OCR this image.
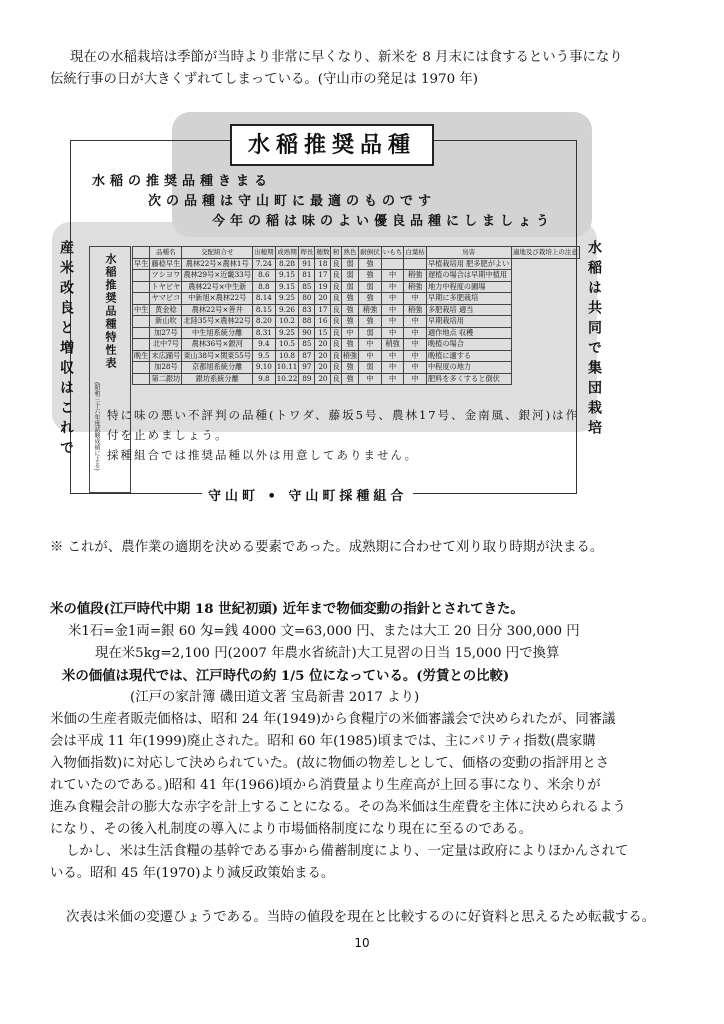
現在の水稲栽培は季節が当時より非常に早くなり、新米を 8 月末には食するという事になり

伝統行事の日が大きくずれてしまっている。(守山市の発足は 1970 年)

水稲推奨品種
水稲の推奨品種きまる
次の品種は守山町に最適のものです
今年の稲は味のよい優良品種にしましょう
産米改良と増収はこれで	水稲は共同で集団栽培
水稲推奨品種特性表
(昭和三十六年度試験成績による)
	品種名	交配組合せ	出穂期	成熟期	稈長	穂数	籾	熟色	耐倒伏	いもち	白葉枯	鳥害	適地及び栽培上の注意
早生	藤稔早生	農林22号×農林1号	7.24	8.28	91	18	良	弱	強			早植栽培用 肥多肥がよい	
	ツシヨワ	農林29号×近畿33号	8.6	9.15	81	17	良	弱	強	中	稍強	遅植の場合は早期中植用	
	トヤビヤ	農林22号×中生新	8.8	9.15	85	19	良	弱	弱	中	稍強	地力中程度の圃場	
	ヤマビコ	中新旭×農林22号	8.14	9.25	80	20	良	強	強	中	中	早期に多肥栽培	
中生	黄金稔	農林22号×善井	8.15	9.26	83	17	良	強	稍強	中	稍強	多肥栽培 適当	
	新山吹	北陸35号×農林22号	8.20	10.2	88	16	良	強	強	中	中	早期栽培用	
	加27号	中生旭系統分離	8.31	9.25	90	15	良	中	弱	中	中	適作地点 収穫	
	北中7号	農林36号×銀河	9.4	10.5	85	20	良	強	中	稍強	中	晩植の場合	
晩生	末広踊号	東山38号×関東55号	9.5	10.8	87	20	良	稍強	中	中	中	晩植に適する	
	加28号	京都旭系統分離	9.10	10.11	97	20	良	強	弱	中	中	中程度の地力	
	第二銀坊	銀坊系統分離	9.8	10.22	89	20	良	強	中	中	中	肥料を多くすると倒伏	
特に味の悪い不評判の品種(トワダ、藤坂5号、農林17号、金南風、銀河)は作
付を止めましょう。
採種組合では推奨品種以外は用意してありません。
守山町 • 守山町採種組合

※ これが、農作業の適期を決める要素であった。成熟期に合わせて刈り取り時期が決まる。

米の値段(江戸時代中期 18 世紀初頭) 近年まで物価変動の指針とされてきた。

米1石=金1両=銀 60 匁=銭 4000 文=63,000 円、または大工 20 日分 300,000 円

現在米5kg=2,100 円(2007 年農水省統計)大工見習の日当 15,000 円で換算

米の価値は現代では、江戸時代の約 1/5 位になっている。(労賃との比較)

(江戸の家計簿 磯田道文著 宝島新書 2017 より)

米価の生産者販売価格は、昭和 24 年(1949)から食糧庁の米価審議会で決められたが、同審議

会は平成 11 年(1999)廃止された。昭和 60 年(1985)頃までは、主にパリティ指数(農家購

入物価指数)に対応して決められていた。(故に物価の物差しとして、価格の変動の指評用とさ

れていたのである。)昭和 41 年(1966)頃から消費量より生産高が上回る事になり、米余りが

進み食糧会計の膨大な赤字を計上することになる。その為米価は生産費を主体に決められるよう

になり、その後入札制度の導入により市場価格制度になり現在に至るのである。

しかし、米は生活食糧の基幹である事から備蓄制度により、一定量は政府によりほかんされて

いる。昭和 45 年(1970)より減反政策始まる。

次表は米価の変遷ひょうである。当時の値段を現在と比較するのに好資料と思えるため転載する。

10
